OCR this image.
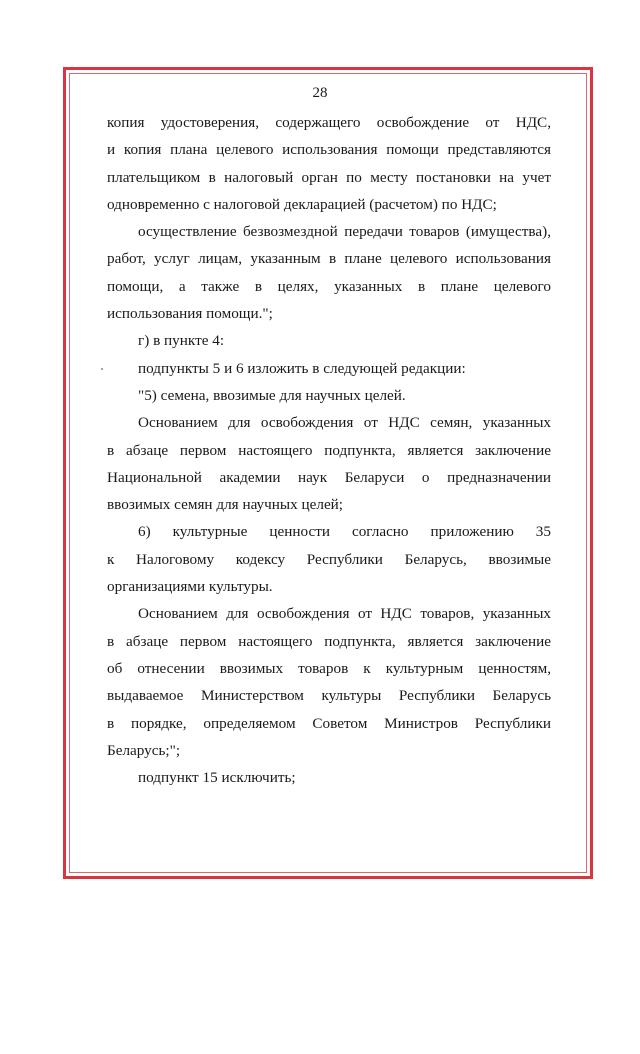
28
копия удостоверения, содержащего освобождение от НДС,
и копия плана целевого использования помощи представляются
плательщиком в налоговый орган по месту постановки на учет
одновременно с налоговой декларацией (расчетом) по НДС;
осуществление безвозмездной передачи товаров (имущества),
работ, услуг лицам, указанным в плане целевого использования
помощи, а также в целях, указанных в плане целевого
использования помощи.";
г) в пункте 4:
подпункты 5 и 6 изложить в следующей редакции:
"5) семена, ввозимые для научных целей.
Основанием для освобождения от НДС семян, указанных
в абзаце первом настоящего подпункта, является заключение
Национальной академии наук Беларуси о предназначении
ввозимых семян для научных целей;
6) культурные ценности согласно приложению 35
к Налоговому кодексу Республики Беларусь, ввозимые
организациями культуры.
Основанием для освобождения от НДС товаров, указанных
в абзаце первом настоящего подпункта, является заключение
об отнесении ввозимых товаров к культурным ценностям,
выдаваемое Министерством культуры Республики Беларусь
в порядке, определяемом Советом Министров Республики
Беларусь;";
подпункт 15 исключить;
